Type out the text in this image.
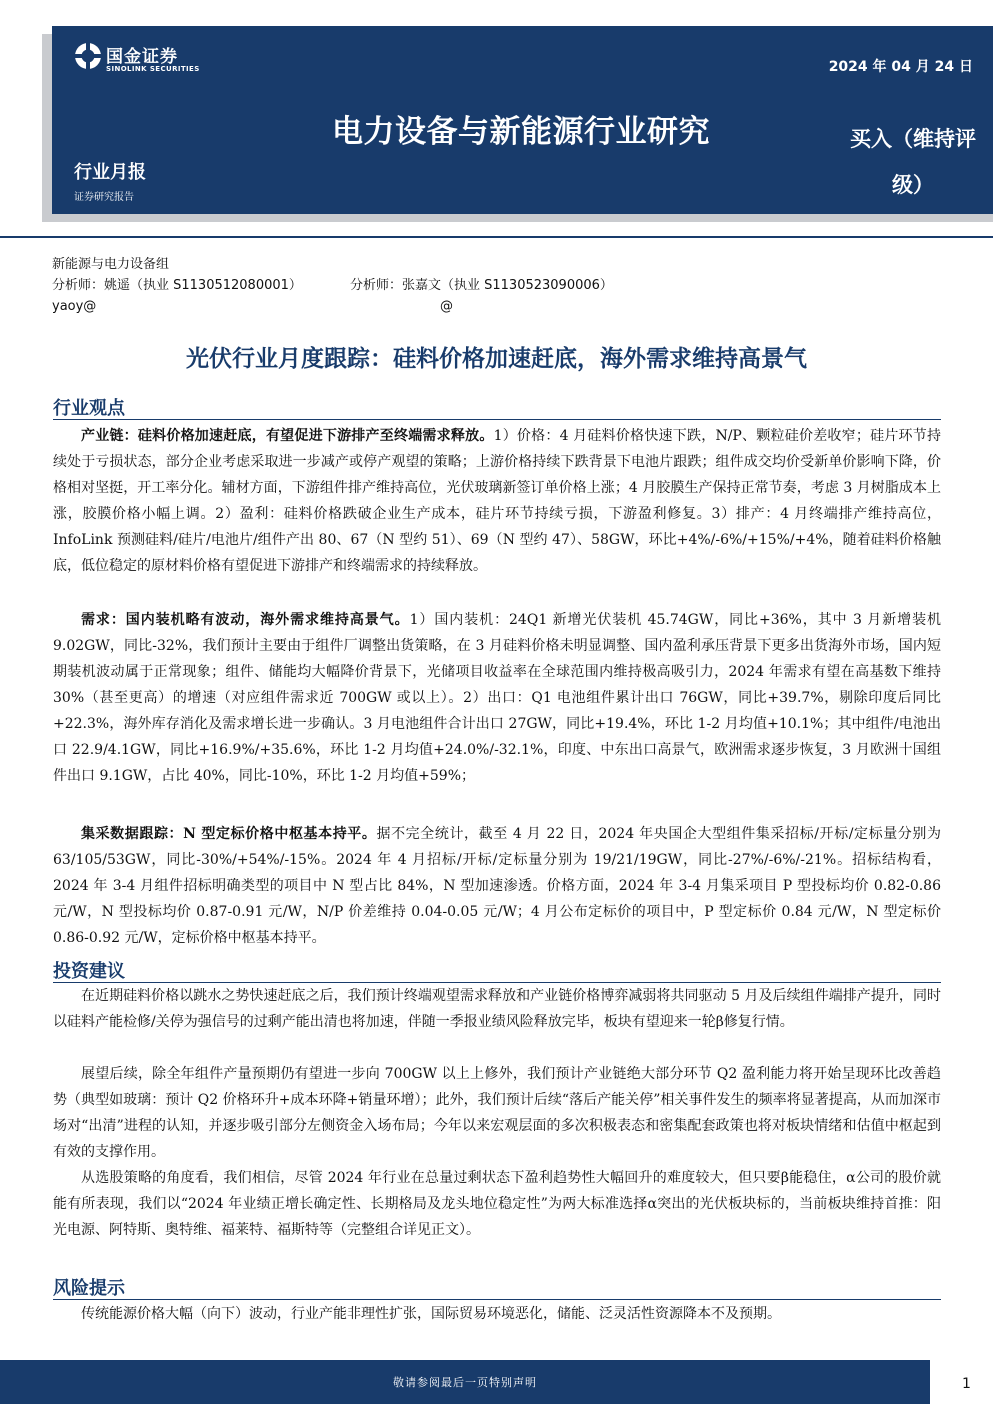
国金证券
SINOLINK SECURITIES	2024 年 04 月 24 日
电力设备与新能源行业研究	买入（维持评级）
行业月报
证券研究报告
新能源与电力设备组
分析师：姚遥（执业 S1130512080001）	分析师：张嘉文（执业 S1130523090006）
yaoy@	@
光伏行业月度跟踪：硅料价格加速赶底，海外需求维持高景气
行业观点
产业链：硅料价格加速赶底，有望促进下游排产至终端需求释放。1）价格：4 月硅料价格快速下跌，N/P、颗粒硅价差收窄；硅片环节持续处于亏损状态，部分企业考虑采取进一步减产或停产观望的策略；上游价格持续下跌背景下电池片跟跌；组件成交均价受新单价影响下降，价格相对坚挺，开工率分化。辅材方面，下游组件排产维持高位，光伏玻璃新签订单价格上涨；4 月胶膜生产保持正常节奏，考虑 3 月树脂成本上涨，胶膜价格小幅上调。2）盈利：硅料价格跌破企业生产成本，硅片环节持续亏损，下游盈利修复。3）排产：4 月终端排产维持高位，InfoLink 预测硅料/硅片/电池片/组件产出 80、67（N 型约 51）、69（N 型约 47）、58GW，环比+4%/-6%/+15%/+4%，随着硅料价格触底，低位稳定的原材料价格有望促进下游排产和终端需求的持续释放。
需求：国内装机略有波动，海外需求维持高景气。1）国内装机：24Q1 新增光伏装机 45.74GW，同比+36%，其中 3 月新增装机 9.02GW，同比-32%，我们预计主要由于组件厂调整出货策略，在 3 月硅料价格未明显调整、国内盈利承压背景下更多出货海外市场，国内短期装机波动属于正常现象；组件、储能均大幅降价背景下，光储项目收益率在全球范围内维持极高吸引力，2024 年需求有望在高基数下维持 30%（甚至更高）的增速（对应组件需求近 700GW 或以上）。2）出口：Q1 电池组件累计出口 76GW，同比+39.7%，剔除印度后同比+22.3%，海外库存消化及需求增长进一步确认。3 月电池组件合计出口 27GW，同比+19.4%，环比 1-2 月均值+10.1%；其中组件/电池出口 22.9/4.1GW，同比+16.9%/+35.6%，环比 1-2 月均值+24.0%/-32.1%，印度、中东出口高景气，欧洲需求逐步恢复，3 月欧洲十国组件出口 9.1GW，占比 40%，同比-10%，环比 1-2 月均值+59%；
集采数据跟踪：N 型定标价格中枢基本持平。据不完全统计，截至 4 月 22 日，2024 年央国企大型组件集采招标/开标/定标量分别为 63/105/53GW，同比-30%/+54%/-15%。2024 年 4 月招标/开标/定标量分别为 19/21/19GW，同比-27%/-6%/-21%。招标结构看，2024 年 3-4 月组件招标明确类型的项目中 N 型占比 84%，N 型加速渗透。价格方面，2024 年 3-4 月集采项目 P 型投标均价 0.82-0.86 元/W，N 型投标均价 0.87-0.91 元/W，N/P 价差维持 0.04-0.05 元/W；4 月公布定标价的项目中，P 型定标价 0.84 元/W，N 型定标价 0.86-0.92 元/W，定标价格中枢基本持平。
投资建议
在近期硅料价格以跳水之势快速赶底之后，我们预计终端观望需求释放和产业链价格博弈减弱将共同驱动 5 月及后续组件端排产提升，同时以硅料产能检修/关停为强信号的过剩产能出清也将加速，伴随一季报业绩风险释放完毕，板块有望迎来一轮β修复行情。
展望后续，除全年组件产量预期仍有望进一步向 700GW 以上上修外，我们预计产业链绝大部分环节 Q2 盈利能力将开始呈现环比改善趋势（典型如玻璃：预计 Q2 价格环升+成本环降+销量环增）；此外，我们预计后续“落后产能关停”相关事件发生的频率将显著提高，从而加深市场对“出清”进程的认知，并逐步吸引部分左侧资金入场布局；今年以来宏观层面的多次积极表态和密集配套政策也将对板块情绪和估值中枢起到有效的支撑作用。
从选股策略的角度看，我们相信，尽管 2024 年行业在总量过剩状态下盈利趋势性大幅回升的难度较大，但只要β能稳住，α公司的股价就能有所表现，我们以“2024 年业绩正增长确定性、长期格局及龙头地位稳定性”为两大标准选择α突出的光伏板块标的，当前板块维持首推：阳光电源、阿特斯、奥特维、福莱特、福斯特等（完整组合详见正文）。
风险提示
传统能源价格大幅（向下）波动，行业产能非理性扩张，国际贸易环境恶化，储能、泛灵活性资源降本不及预期。
敬请参阅最后一页特别声明	1
